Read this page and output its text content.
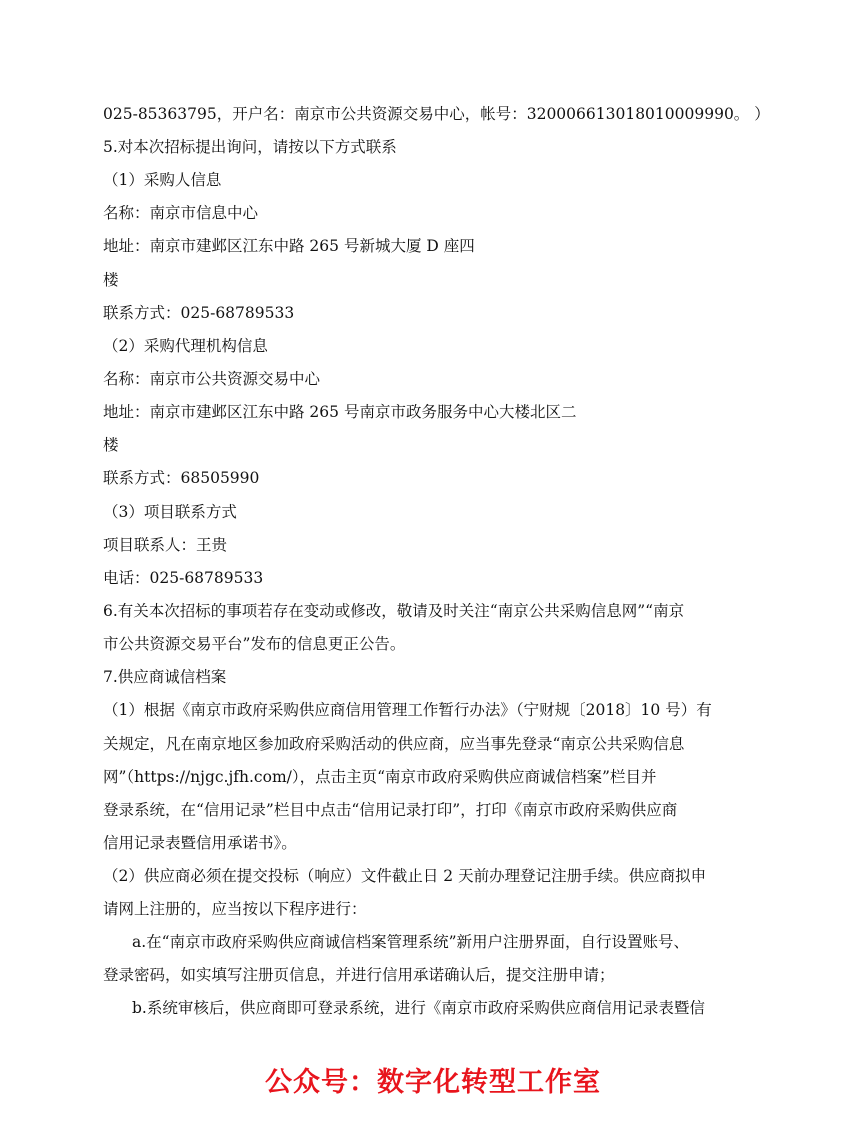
025-85363795，开户名：南京市公共资源交易中心，帐号：32000661301801000​9990。 ）
5.对本次招标提出询问，请按以下方式联系
（1）采购人信息
名称：南京市信息中心
地址：南京市建邺区江东中路 265 号新城大厦 D 座四
楼
联系方式：025-68789533
（2）采购代理机构信息
名称：南京市公共资源交易中心
地址：南京市建邺区江东中路 265 号南京市政务服务中心大楼北区二
楼
联系方式：68505990
（3）项目联系方式
项目联系人：王贵
电话：025-68789533
6.有关本次招标的事项若存在变动或修改，敬请及时关注“南京公共采购信息网”“南京
市公共资源交易平台”发布的信息更正公告。
7.供应商诚信档案
（1）根据《南京市政府采购供应商信用管理工作暂行办法》（宁财规〔2018〕10 号）有
关规定，凡在南京地区参加政府采购活动的供应商，应当事先登录“南京公共采购信息
网”（https://njgc.jfh.com/），点击主页“南京市政府采购供应商诚信档案”栏目并
登录系统，在“信用记录”栏目中点击“信用记录打印”，打印《南京市政府采购供应商
信用记录表暨信用承诺书》。
（2）供应商必须在提交投标（响应）文件截止日 2 天前办理登记注册手续。供应商拟申
请网上注册的，应当按以下程序进行：
a.在“南京市政府采购供应商诚信档案管理系统”新用户注册界面，自行设置账号、
登录密码，如实填写注册页信息，并进行信用承诺确认后，提交注册申请；
b.系统审核后，供应商即可登录系统，进行《南京市政府采购供应商信用记录表暨信
公众号：数字化转型工作室
